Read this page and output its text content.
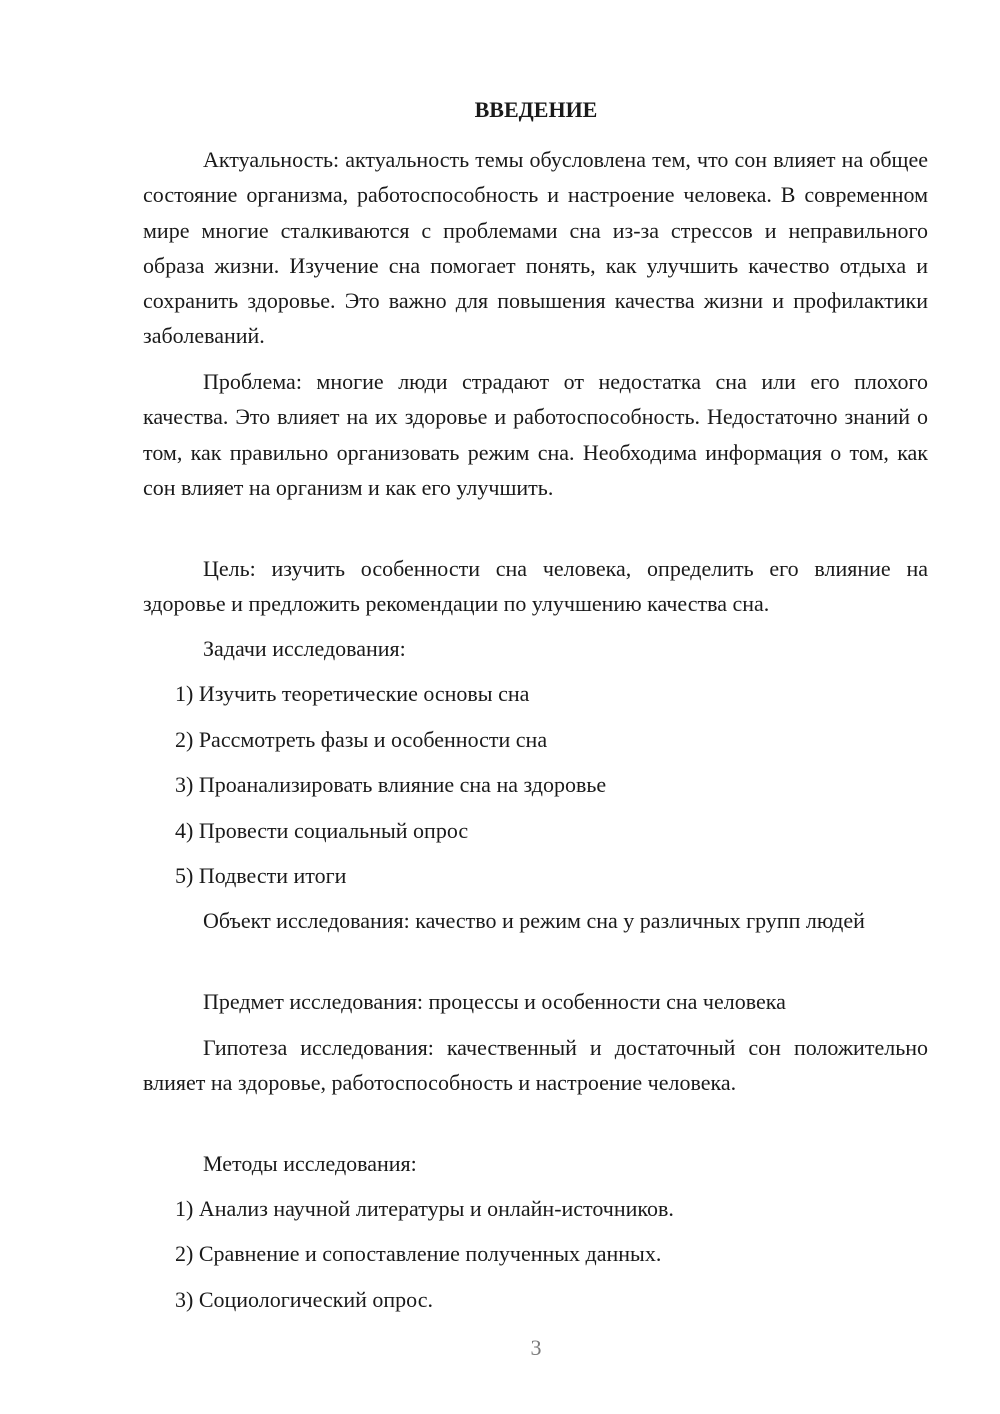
ВВЕДЕНИЕ

Актуальность: актуальность темы обусловлена тем, что сон влияет на общее состояние организма, работоспособность и настроение человека. В современном мире многие сталкиваются с проблемами сна из-за стрессов и неправильного образа жизни. Изучение сна помогает понять, как улучшить качество отдыха и сохранить здоровье. Это важно для повышения качества жизни и профилактики заболеваний.

Проблема: многие люди страдают от недостатка сна или его плохого качества. Это влияет на их здоровье и работоспособность. Недостаточно знаний о том, как правильно организовать режим сна. Необходима информация о том, как сон влияет на организм и как его улучшить.

Цель: изучить особенности сна человека, определить его влияние на здоровье и предложить рекомендации по улучшению качества сна.

Задачи исследования:

1) Изучить теоретические основы сна

2) Рассмотреть фазы и особенности сна

3) Проанализировать влияние сна на здоровье

4) Провести социальный опрос

5) Подвести итоги

Объект исследования: качество и режим сна у различных групп людей

Предмет исследования: процессы и особенности сна человека

Гипотеза исследования: качественный и достаточный сон положительно влияет на здоровье, работоспособность и настроение человека.

Методы исследования:

1) Анализ научной литературы и онлайн-источников.

2) Сравнение и сопоставление полученных данных.

3) Социологический опрос.

3
